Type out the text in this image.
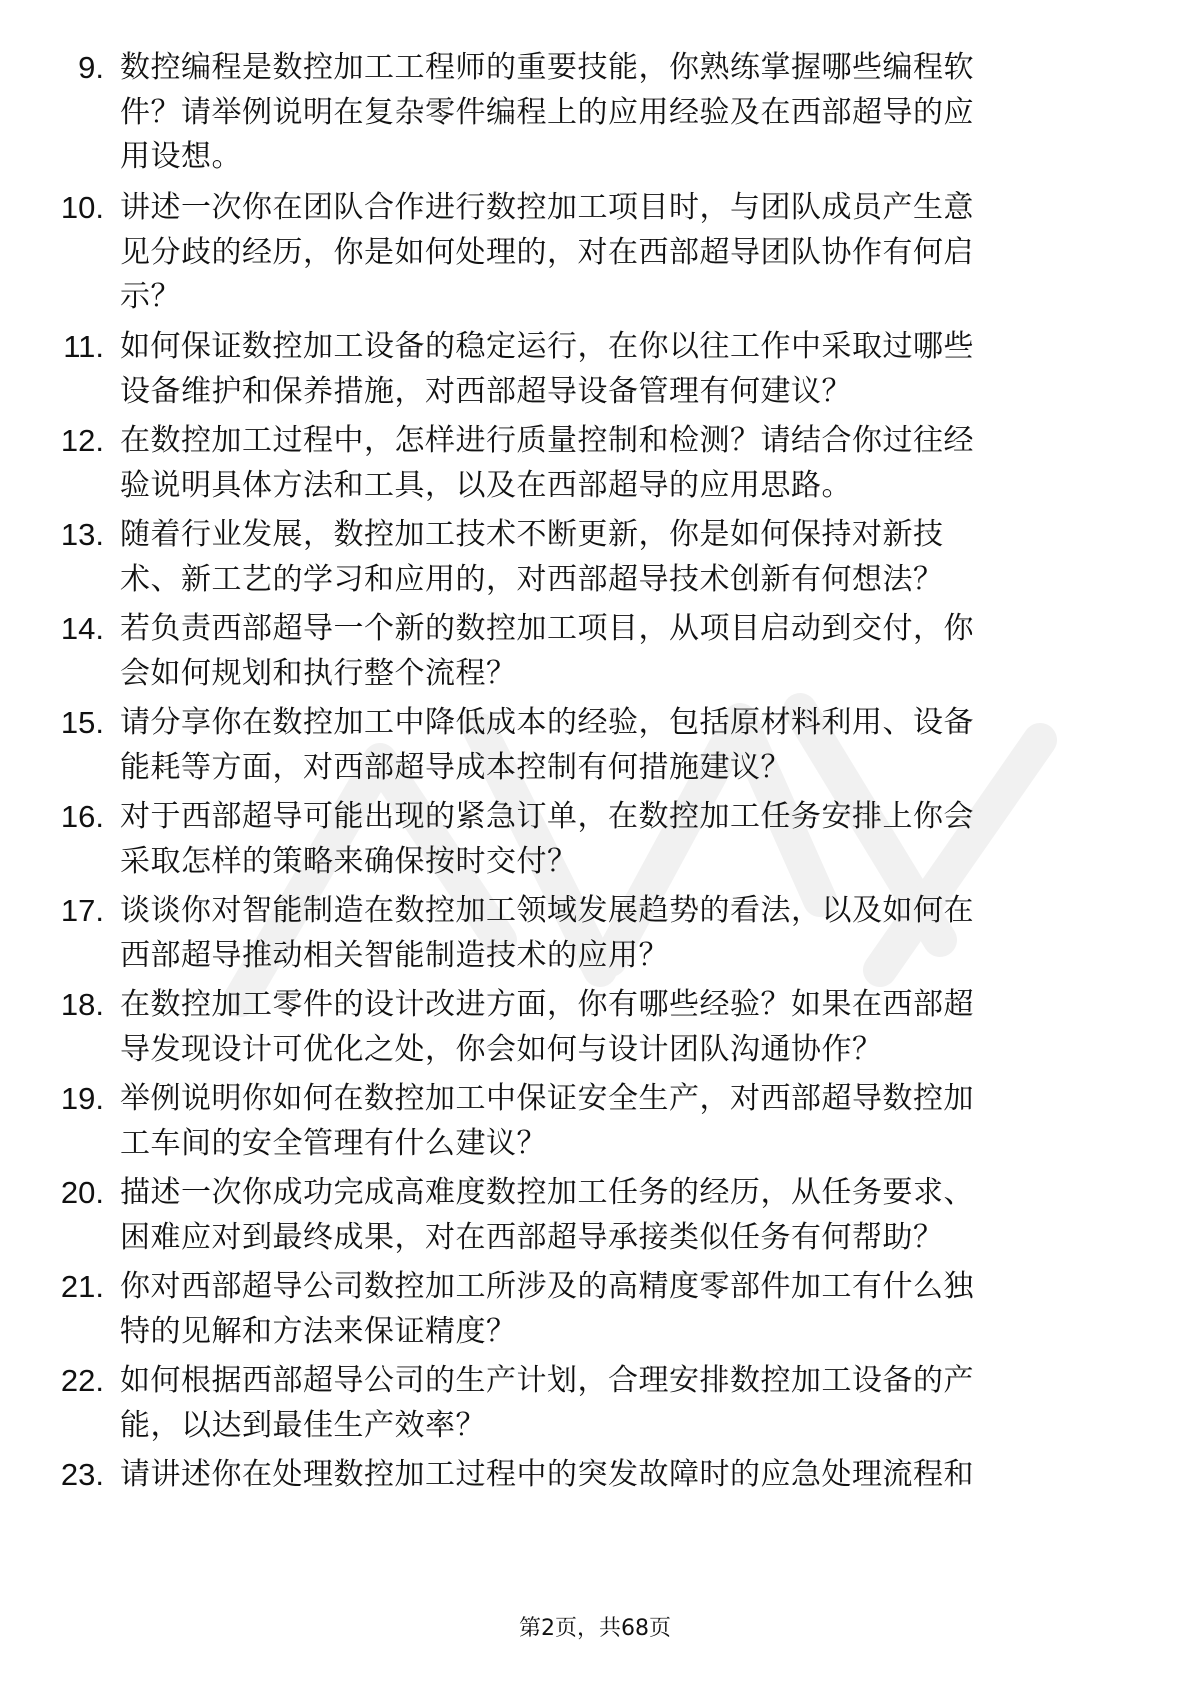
9. 数控编程是数控加工工程师的重要技能，你熟练掌握哪些编程软
件？请举例说明在复杂零件编程上的应用经验及在西部超导的应
用设想。
10. 讲述一次你在团队合作进行数控加工项目时，与团队成员产生意
见分歧的经历，你是如何处理的，对在西部超导团队协作有何启
示？
11. 如何保证数控加工设备的稳定运行，在你以往工作中采取过哪些
设备维护和保养措施，对西部超导设备管理有何建议？
12. 在数控加工过程中，怎样进行质量控制和检测？请结合你过往经
验说明具体方法和工具，以及在西部超导的应用思路。
13. 随着行业发展，数控加工技术不断更新，你是如何保持对新技
术、新工艺的学习和应用的，对西部超导技术创新有何想法？
14. 若负责西部超导一个新的数控加工项目，从项目启动到交付，你
会如何规划和执行整个流程？
15. 请分享你在数控加工中降低成本的经验，包括原材料利用、设备
能耗等方面，对西部超导成本控制有何措施建议？
16. 对于西部超导可能出现的紧急订单，在数控加工任务安排上你会
采取怎样的策略来确保按时交付？
17. 谈谈你对智能制造在数控加工领域发展趋势的看法，以及如何在
西部超导推动相关智能制造技术的应用？
18. 在数控加工零件的设计改进方面，你有哪些经验？如果在西部超
导发现设计可优化之处，你会如何与设计团队沟通协作？
19. 举例说明你如何在数控加工中保证安全生产，对西部超导数控加
工车间的安全管理有什么建议？
20. 描述一次你成功完成高难度数控加工任务的经历，从任务要求、
困难应对到最终成果，对在西部超导承接类似任务有何帮助？
21. 你对西部超导公司数控加工所涉及的高精度零部件加工有什么独
特的见解和方法来保证精度？
22. 如何根据西部超导公司的生产计划，合理安排数控加工设备的产
能，以达到最佳生产效率？
23. 请讲述你在处理数控加工过程中的突发故障时的应急处理流程和
第2页，共68页
